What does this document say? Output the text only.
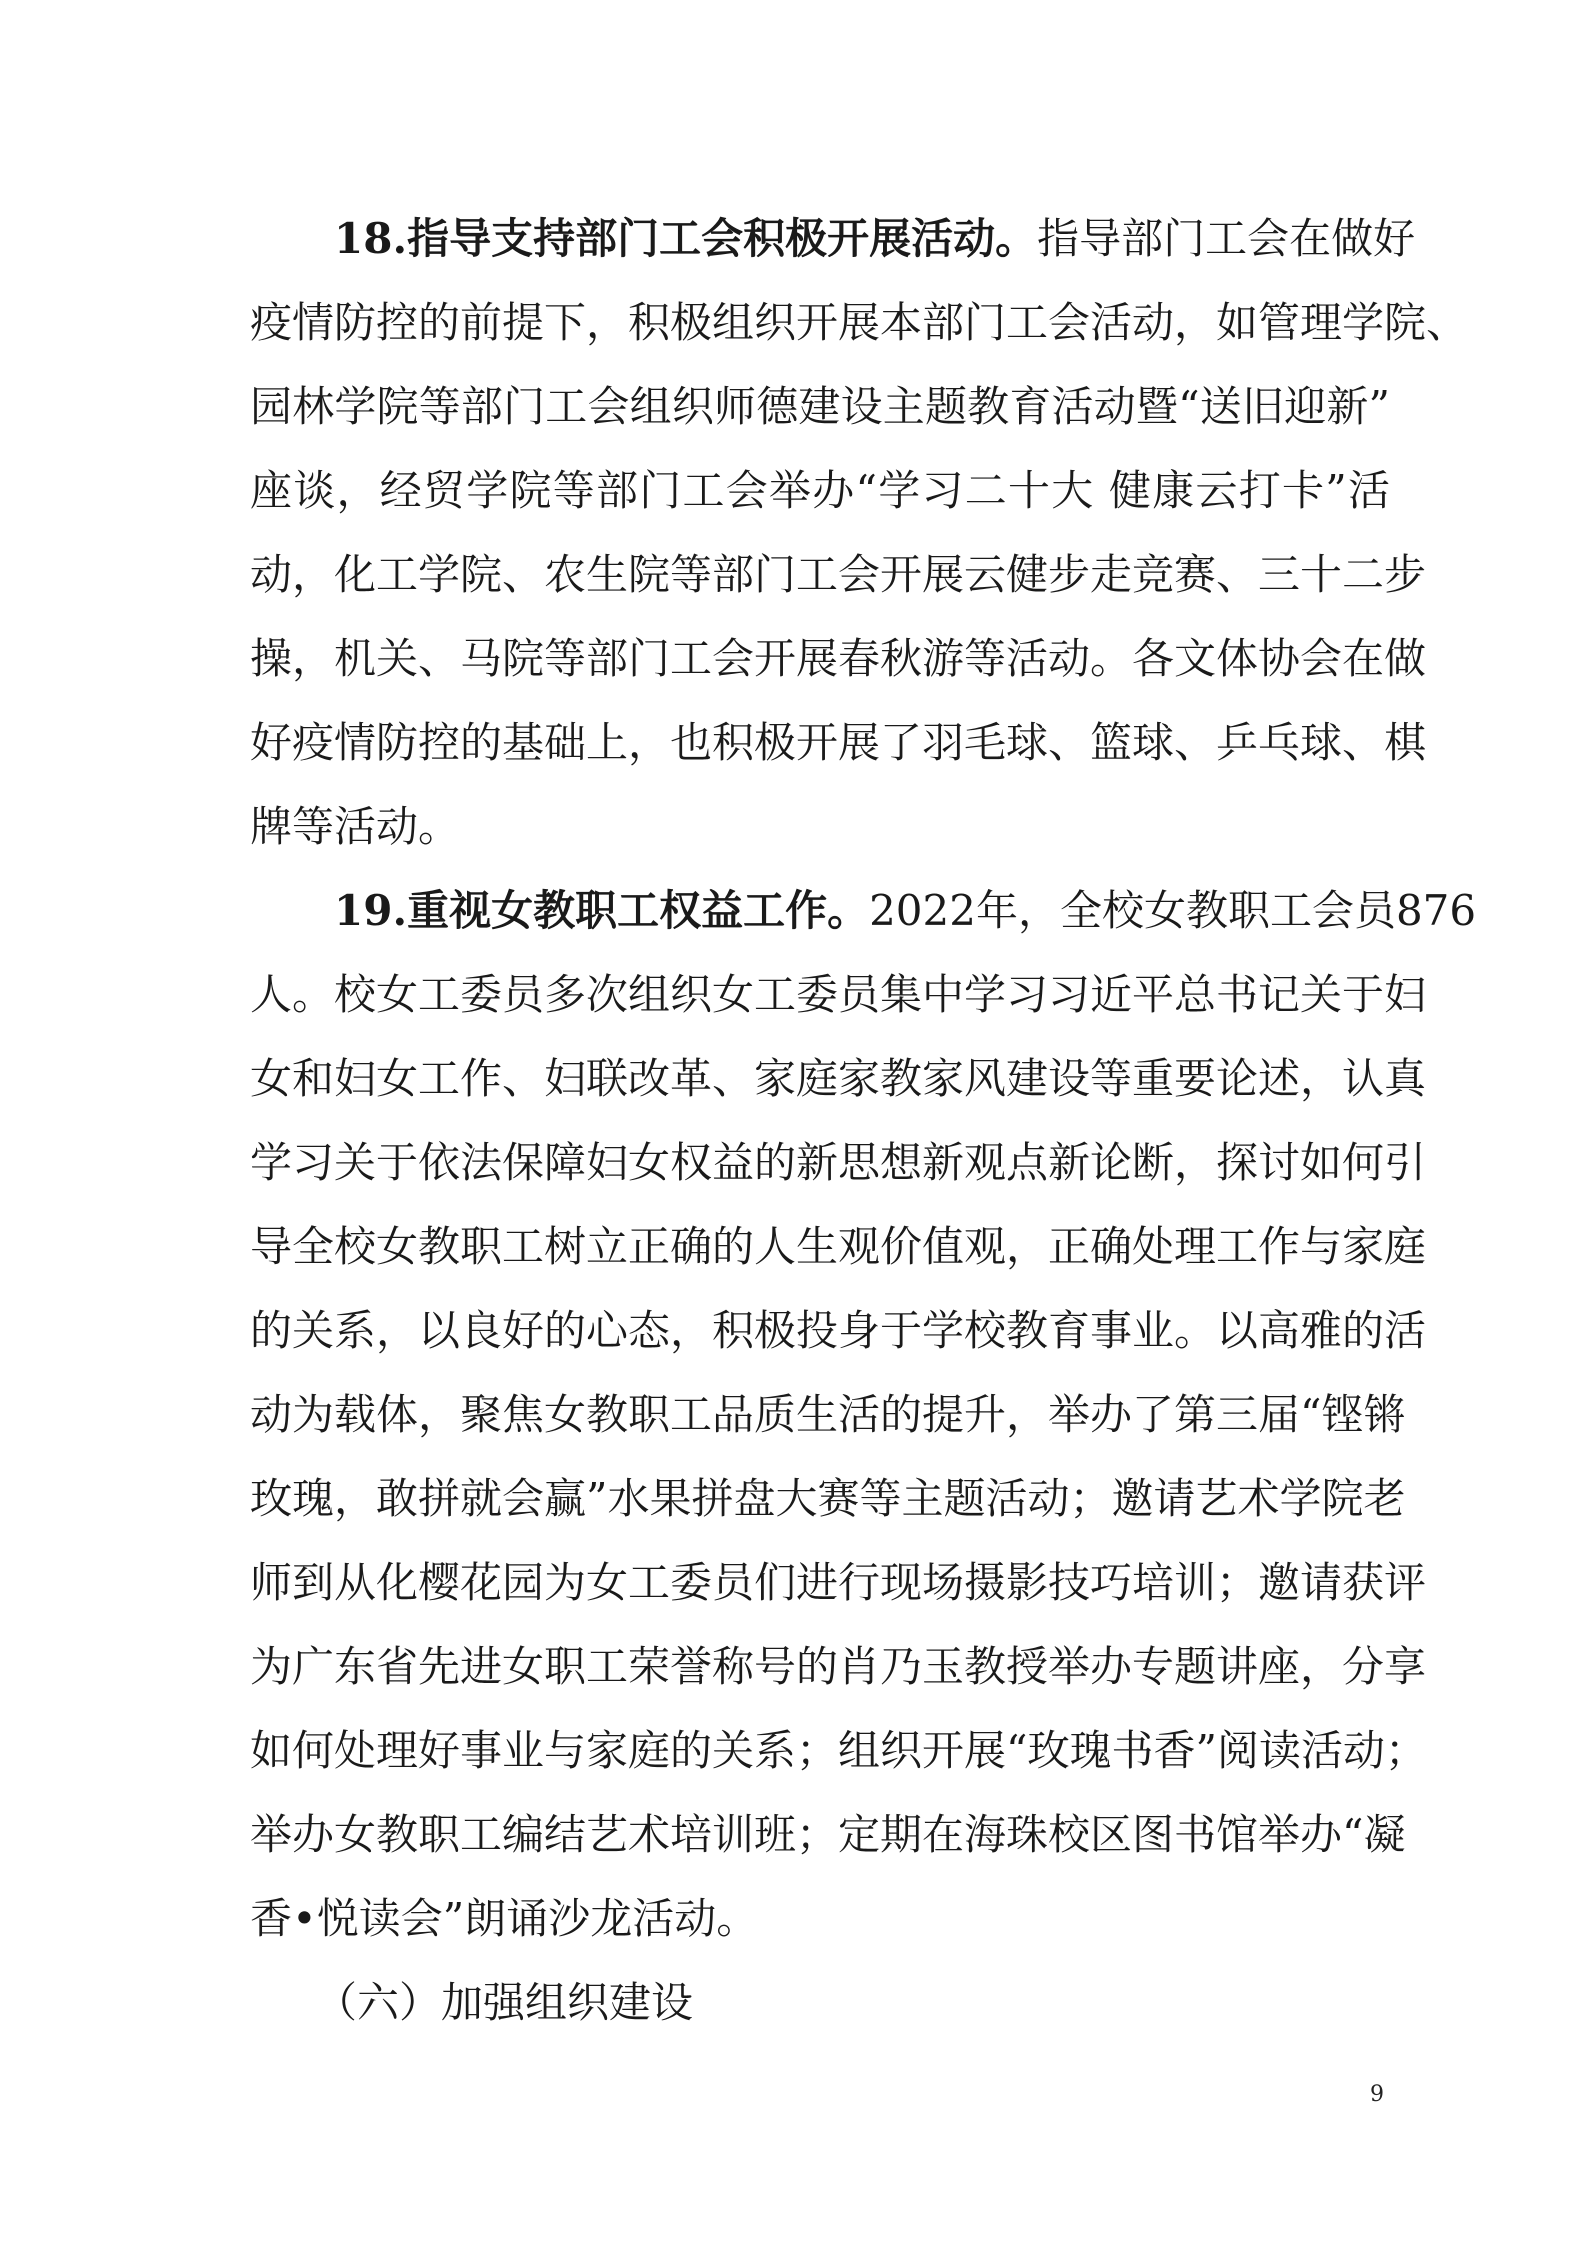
18.指导支持部门工会积极开展活动。指导部门工会在做好
疫情防控的前提下，积极组织开展本部门工会活动，如管理学院、
园林学院等部门工会组织师德建设主题教育活动暨“送旧迎新”
座谈，经贸学院等部门工会举办“学习二十大 健康云打卡”活
动，化工学院、农生院等部门工会开展云健步走竞赛、三十二步
操，机关、马院等部门工会开展春秋游等活动。各文体协会在做
好疫情防控的基础上，也积极开展了羽毛球、篮球、乒乓球、棋
牌等活动。
19.重视女教职工权益工作。2022年，全校女教职工会员876
人。校女工委员多次组织女工委员集中学习习近平总书记关于妇
女和妇女工作、妇联改革、家庭家教家风建设等重要论述，认真
学习关于依法保障妇女权益的新思想新观点新论断，探讨如何引
导全校女教职工树立正确的人生观价值观，正确处理工作与家庭
的关系，以良好的心态，积极投身于学校教育事业。以高雅的活
动为载体，聚焦女教职工品质生活的提升，举办了第三届“铿锵
玫瑰，敢拼就会赢”水果拼盘大赛等主题活动；邀请艺术学院老
师到从化樱花园为女工委员们进行现场摄影技巧培训；邀请获评
为广东省先进女职工荣誉称号的肖乃玉教授举办专题讲座，分享
如何处理好事业与家庭的关系；组织开展“玫瑰书香”阅读活动；
举办女教职工编结艺术培训班；定期在海珠校区图书馆举办“凝
香•悦读会”朗诵沙龙活动。
（六）加强组织建设
9
